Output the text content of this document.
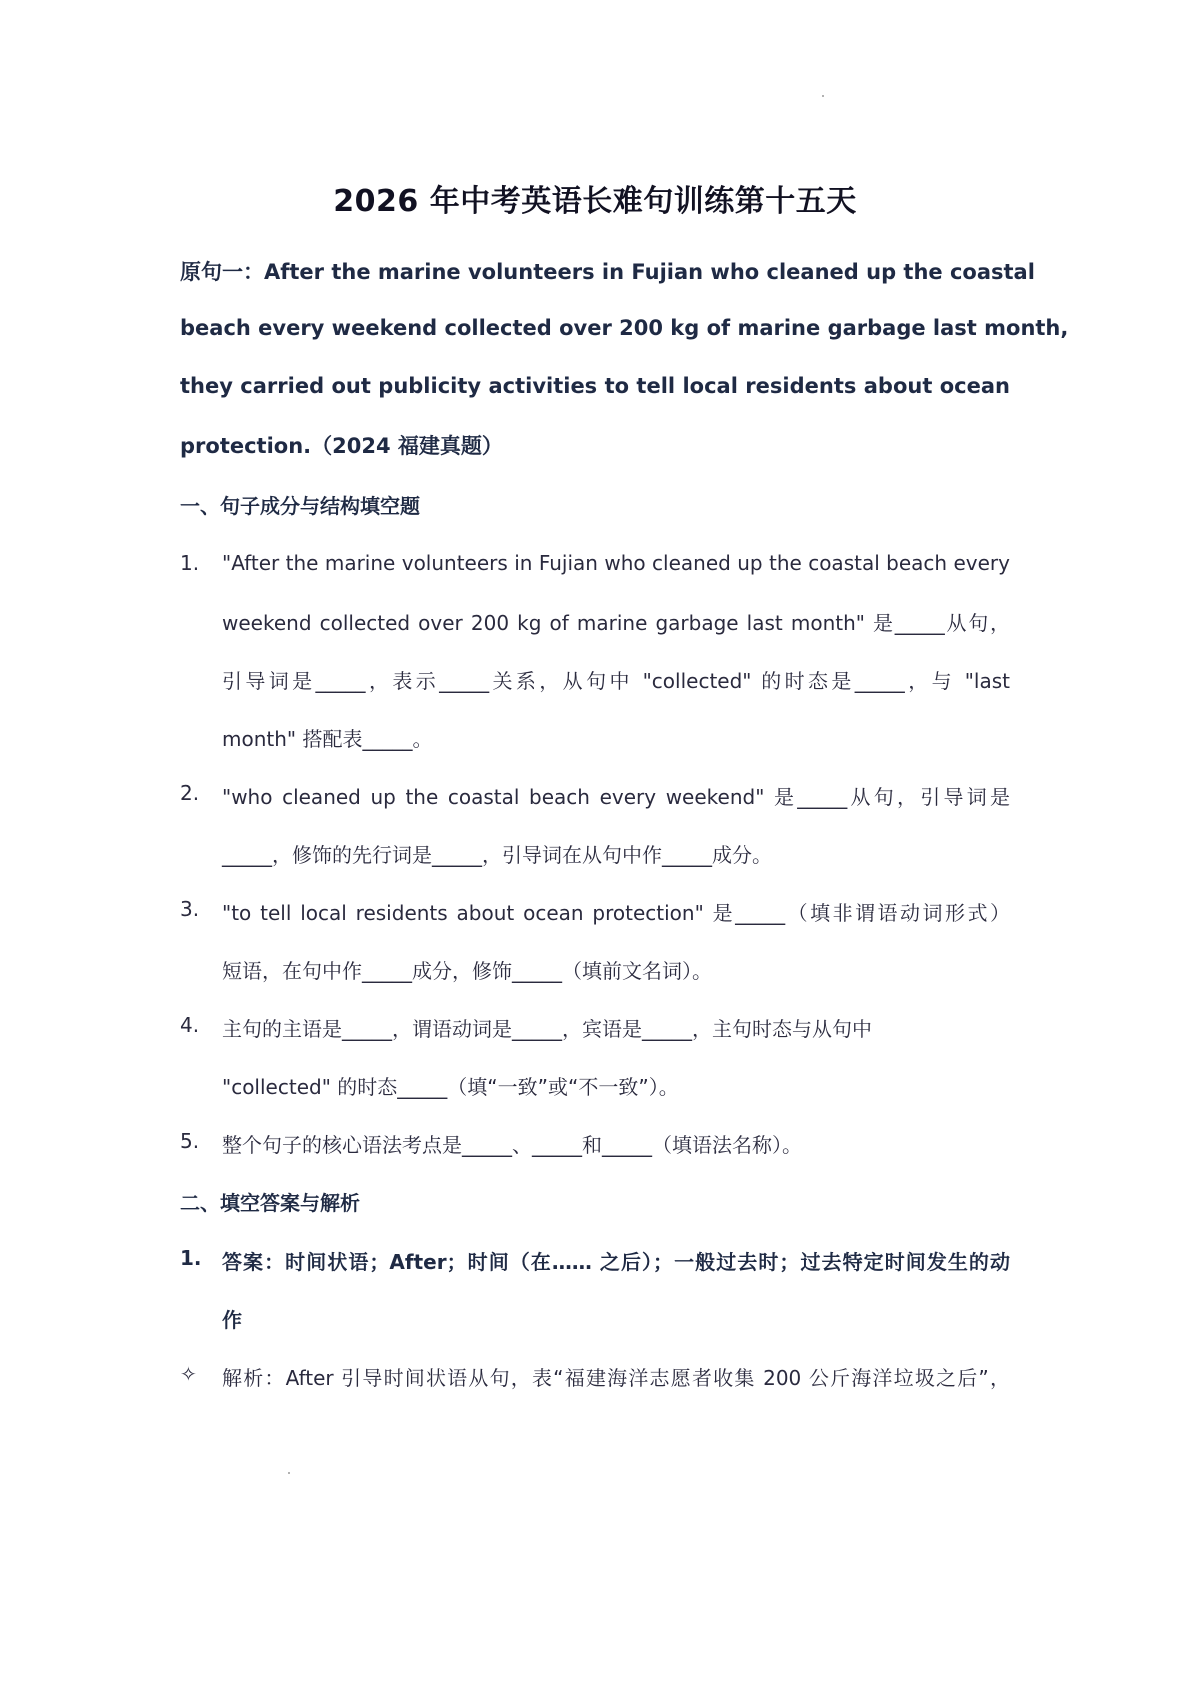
2026 年中考英语长难句训练第十五天
原句一：After the marine volunteers in Fujian who cleaned up the coastal
beach every weekend collected over 200 kg of marine garbage last month,
they carried out publicity activities to tell local residents about ocean
protection.（2024 福建真题）
一、句子成分与结构填空题
1. "After the marine volunteers in Fujian who cleaned up the coastal beach every
weekend collected over 200 kg of marine garbage last month" 是_____从句，
引导词是_____，表示_____关系，从句中 "collected" 的时态是_____，与 "last
month" 搭配表_____。
2. "who cleaned up the coastal beach every weekend" 是_____从句，引导词是
_____，修饰的先行词是_____，引导词在从句中作_____成分。
3. "to tell local residents about ocean protection" 是_____（填非谓语动词形式）
短语，在句中作_____成分，修饰_____（填前文名词）。
4. 主句的主语是_____，谓语动词是_____，宾语是_____，主句时态与从句中
"collected" 的时态_____（填“一致”或“不一致”）。
5. 整个句子的核心语法考点是_____、_____和_____（填语法名称）。
二、填空答案与解析
1. 答案：时间状语；After；时间（在…… 之后）；一般过去时；过去特定时间发生的动
作
✧ 解析：After 引导时间状语从句，表“福建海洋志愿者收集 200 公斤海洋垃圾之后”，
